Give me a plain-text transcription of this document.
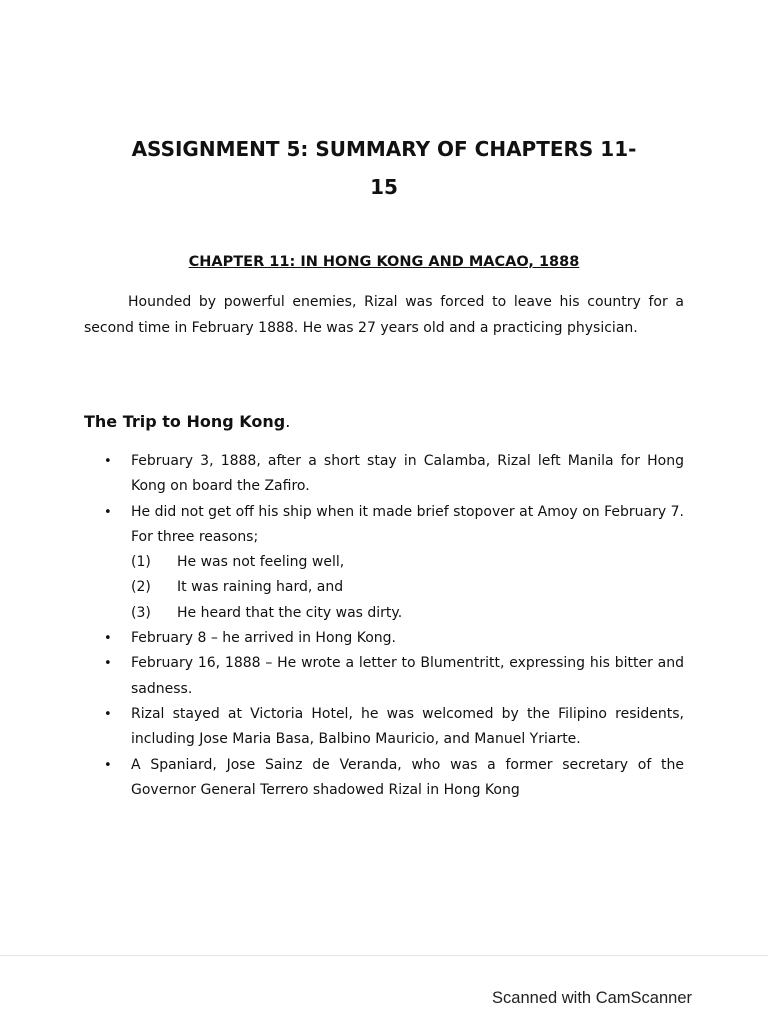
ASSIGNMENT 5: SUMMARY OF CHAPTERS 11-
15
CHAPTER 11: IN HONG KONG AND MACAO, 1888

Hounded by powerful enemies, Rizal was forced to leave his country for a second time in February 1888. He was 27 years old and a practicing physician.

The Trip to Hong Kong.
• February 3, 1888, after a short stay in Calamba, Rizal left Manila for Hong Kong on board the Zafiro.
• He did not get off his ship when it made brief stopover at Amoy on February 7. For three reasons;
(1) He was not feeling well,
(2) It was raining hard, and
(3) He heard that the city was dirty.
• February 8 – he arrived in Hong Kong.
• February 16, 1888 – He wrote a letter to Blumentritt, expressing his bitter and sadness.
• Rizal stayed at Victoria Hotel, he was welcomed by the Filipino residents, including Jose Maria Basa, Balbino Mauricio, and Manuel Yriarte.
• A Spaniard, Jose Sainz de Veranda, who was a former secretary of the Governor General Terrero shadowed Rizal in Hong Kong

Scanned with CamScanner
